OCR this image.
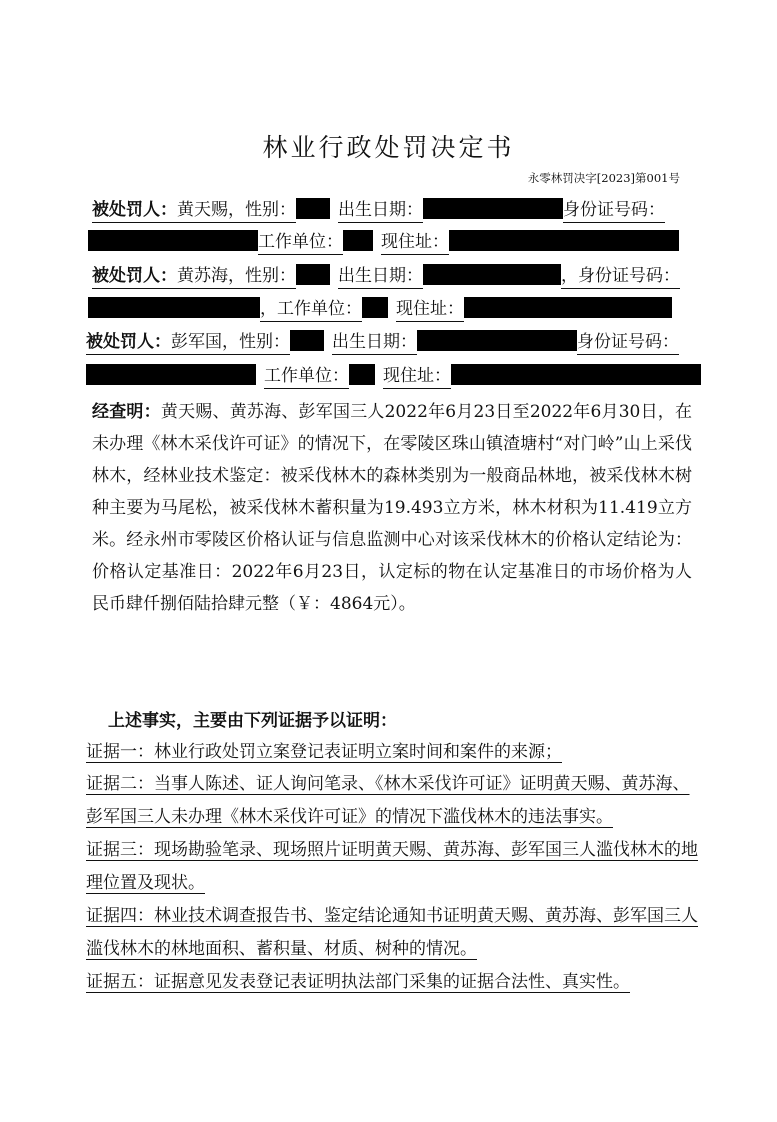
林业行政处罚决定书
永零林罚决字[2023]第001号
被处罚人：黄天赐，性别： 出生日期：	身份证号码：
工作单位： 现住址：
被处罚人：黄苏海，性别： 出生日期：	，身份证号码：
，工作单位： 现住址：
被处罚人：彭军国，性别： 出生日期：	身份证号码：
工作单位： 现住址：
经查明：黄天赐、黄苏海、彭军国三人2022年6月23日至2022年6月30日，在未办理《林木采伐许可证》的情况下，在零陵区珠山镇渣塘村“对门岭”山上采伐林木，经林业技术鉴定：被采伐林木的森林类别为一般商品林地，被采伐林木树种主要为马尾松，被采伐林木蓄积量为19.493立方米，林木材积为11.419立方米。经永州市零陵区价格认证与信息监测中心对该采伐林木的价格认定结论为：价格认定基准日：2022年6月23日，认定标的物在认定基准日的市场价格为人民币肆仟捌佰陆拾肆元整（￥：4864元）。
上述事实，主要由下列证据予以证明：
证据一：林业行政处罚立案登记表证明立案时间和案件的来源；
证据二：当事人陈述、证人询问笔录、《林木采伐许可证》证明黄天赐、黄苏海、彭军国三人未办理《林木采伐许可证》的情况下滥伐林木的违法事实。
证据三：现场勘验笔录、现场照片证明黄天赐、黄苏海、彭军国三人滥伐林木的地理位置及现状。
证据四：林业技术调查报告书、鉴定结论通知书证明黄天赐、黄苏海、彭军国三人滥伐林木的林地面积、蓄积量、材质、树种的情况。
证据五：证据意见发表登记表证明执法部门采集的证据合法性、真实性。
